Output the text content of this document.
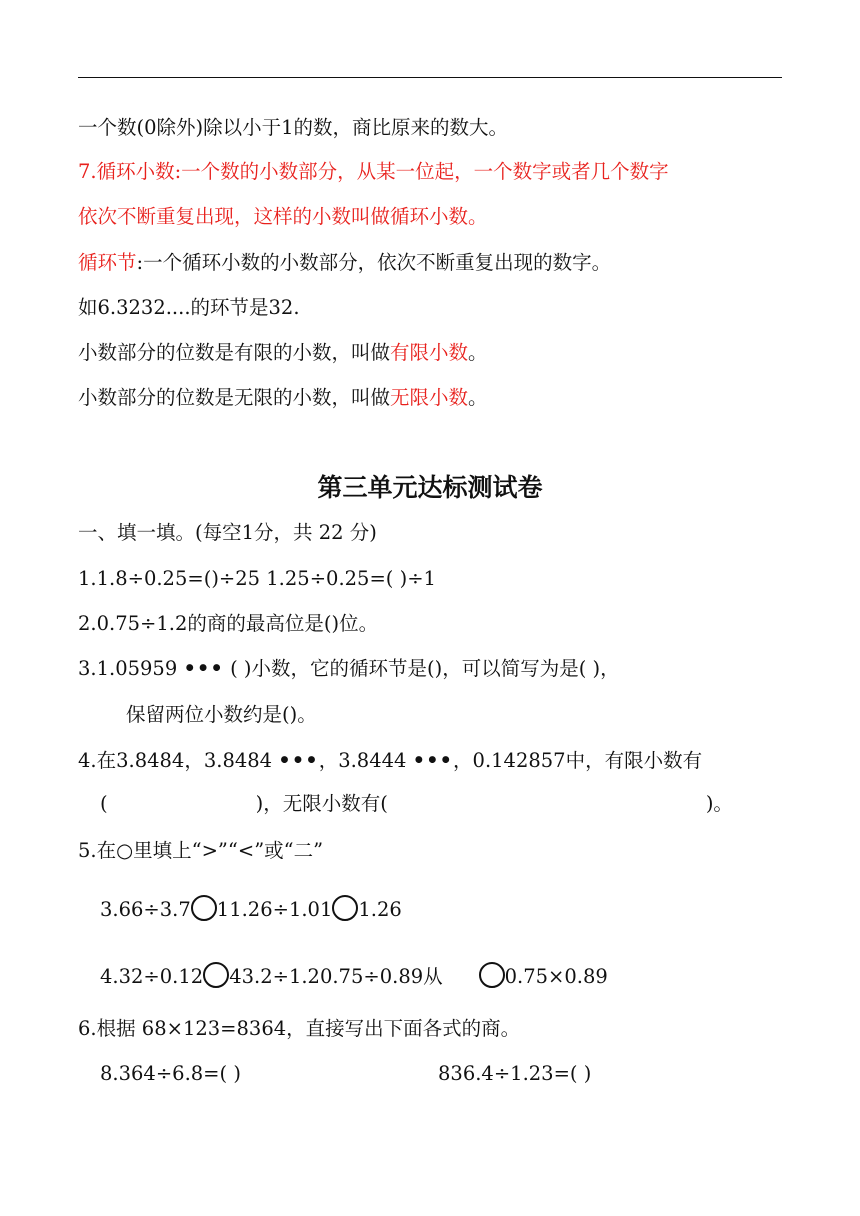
一个数(0除外)除以小于1的数，商比原来的数大。
7.循环小数:一个数的小数部分，从某一位起，一个数字或者几个数字
依次不断重复出现，这样的小数叫做循环小数。
循环节:一个循环小数的小数部分，依次不断重复出现的数字。
如6.3232....的环节是32.
小数部分的位数是有限的小数，叫做有限小数。
小数部分的位数是无限的小数，叫做无限小数。
第三单元达标测试卷
一、填一填。(每空1分，共 22 分)
1.1.8÷0.25=()÷25 1.25÷0.25=( )÷1
2.0.75÷1.2的商的最高位是()位。
3.1.05959 ••• ( )小数，它的循环节是()，可以简写为是( )，
保留两位小数约是()。
4.在3.8484，3.8484 •••，3.8444 •••，0.142857中，有限小数有
(	)，无限小数有(	)。
5.在○里填上“>”“<”或“二”
3.66÷3.7 11.26÷1.01 1.26
4.32÷0.12 43.2÷1.20.75÷0.89从	0.75×0.89
6.根据 68×123=8364，直接写出下面各式的商。
8.364÷6.8=( )	836.4÷1.23=( )
